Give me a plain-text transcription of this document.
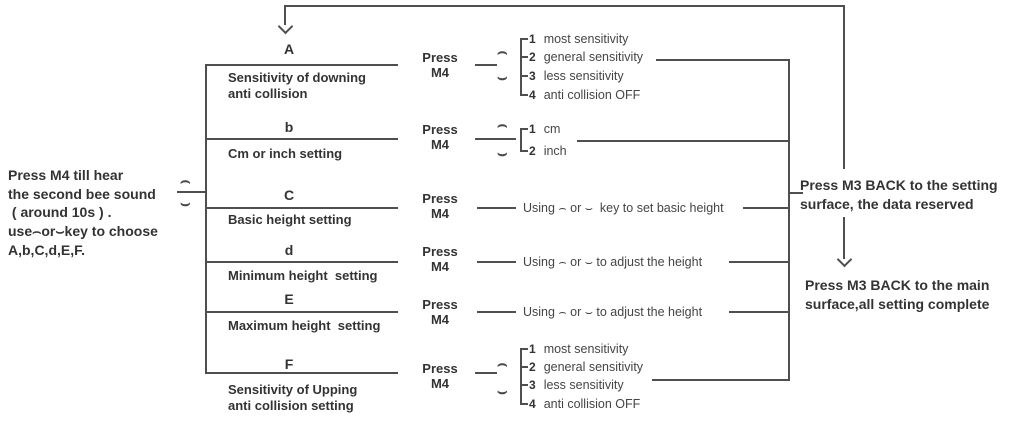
Press M4 till hear
the second bee sound
( around 10s ) .
use⌢or⌣key to choose
A,b,C,d,E,F.
⌢
⌣
A
Sensitivity of downing
anti collision
Press
M4
⌢
⌣
1 most sensitivity
2 general sensitivity
3 less sensitivity
4 anti collision OFF
b
Cm or inch setting
Press
M4
⌢
⌣
1 cm
2 inch
C
Basic height setting
Press
M4	Using ⌢ or ⌣  key to set basic height
d
Minimum height  setting
Press
M4	Using ⌢ or ⌣ to adjust the height
E
Maximum height  setting
Press
M4	Using ⌢ or ⌣ to adjust the height
F
Sensitivity of Upping
anti collision setting
Press
M4
⌢
⌣
1 most sensitivity
2 general sensitivity
3 less sensitivity
4 anti collision OFF
Press M3 BACK to the setting
surface, the data reserved
Press M3 BACK to the main
surface,all setting complete
